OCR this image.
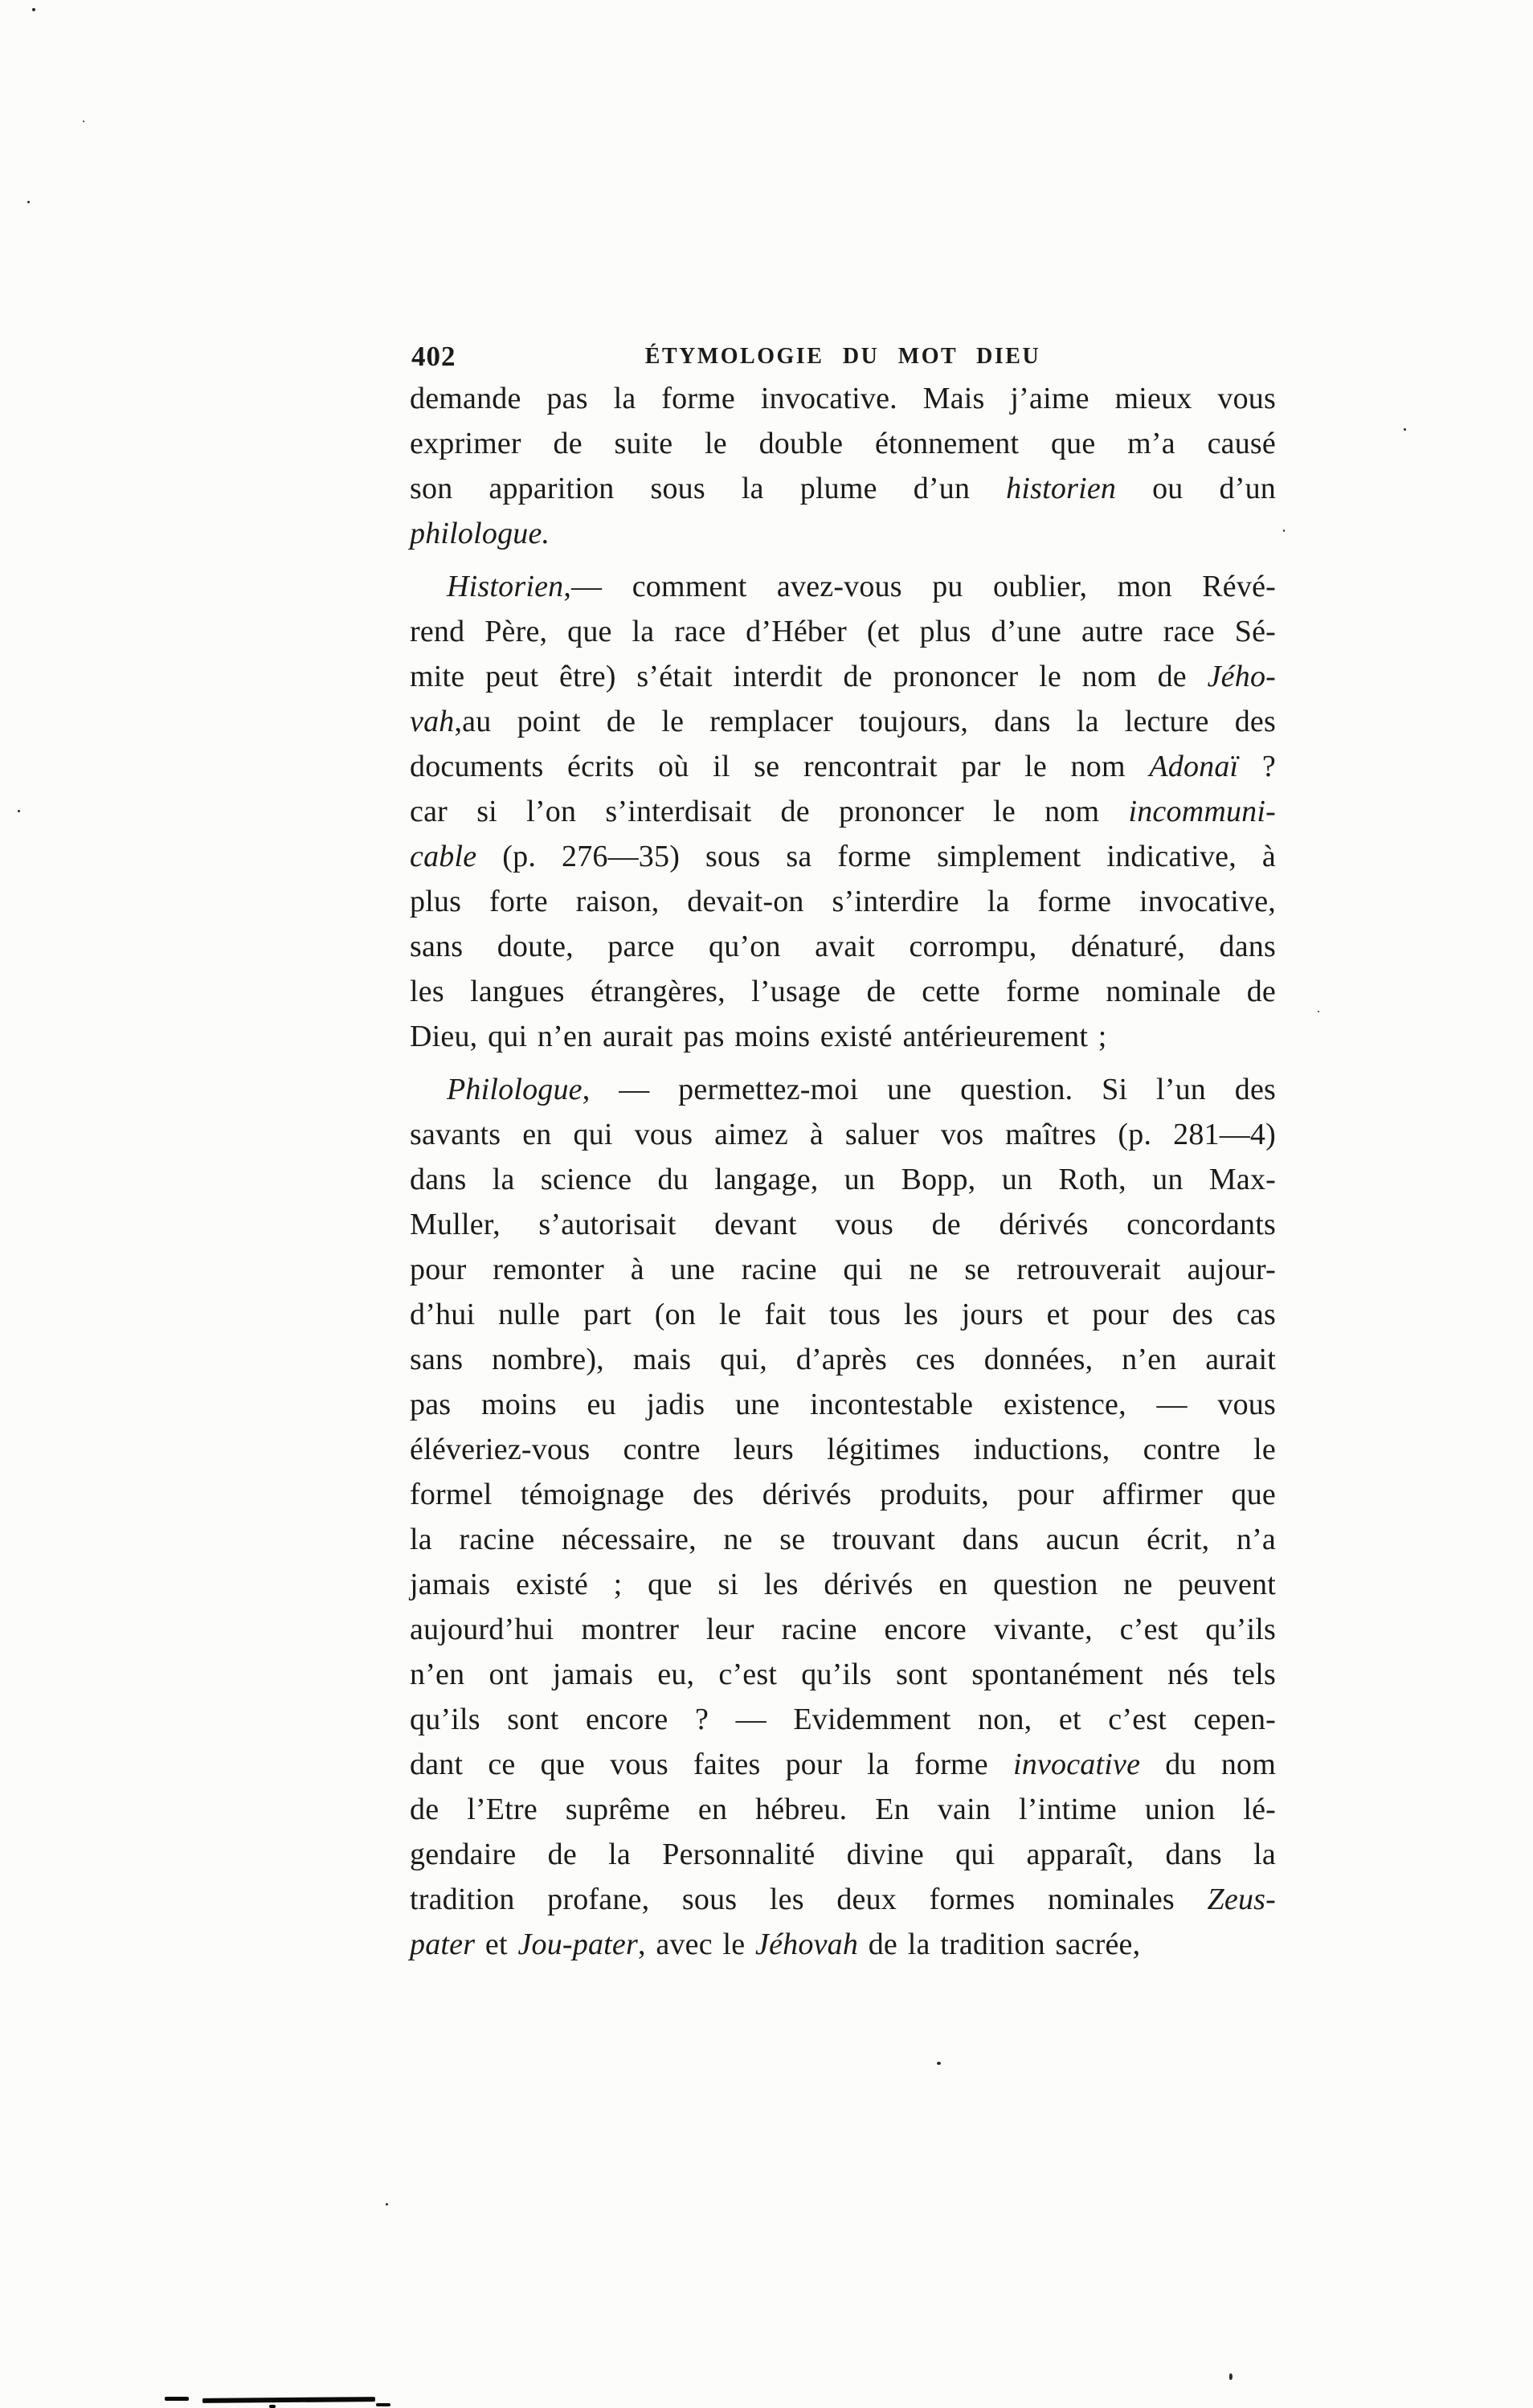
402	ÉTYMOLOGIE DU MOT DIEU
demande pas la forme invocative. Mais j’aime mieux vous
exprimer de suite le double étonnement que m’a causé
son apparition sous la plume d’un historien ou d’un
philologue.
Historien,— comment avez-vous pu oublier, mon Révé-
rend Père, que la race d’Héber (et plus d’une autre race Sé-
mite peut être) s’était interdit de prononcer le nom de Jého-
vah,au point de le remplacer toujours, dans la lecture des
documents écrits où il se rencontrait par le nom Adonaï ?
car si l’on s’interdisait de prononcer le nom incommuni-
cable (p. 276—35) sous sa forme simplement indicative, à
plus forte raison, devait-on s’interdire la forme invocative,
sans doute, parce qu’on avait corrompu, dénaturé, dans
les langues étrangères, l’usage de cette forme nominale de
Dieu, qui n’en aurait pas moins existé antérieurement ;
Philologue, — permettez-moi une question. Si l’un des
savants en qui vous aimez à saluer vos maîtres (p. 281—4)
dans la science du langage, un Bopp, un Roth, un Max-
Muller, s’autorisait devant vous de dérivés concordants
pour remonter à une racine qui ne se retrouverait aujour-
d’hui nulle part (on le fait tous les jours et pour des cas
sans nombre), mais qui, d’après ces données, n’en aurait
pas moins eu jadis une incontestable existence, — vous
éléveriez-vous contre leurs légitimes inductions, contre le
formel témoignage des dérivés produits, pour affirmer que
la racine nécessaire, ne se trouvant dans aucun écrit, n’a
jamais existé ; que si les dérivés en question ne peuvent
aujourd’hui montrer leur racine encore vivante, c’est qu’ils
n’en ont jamais eu, c’est qu’ils sont spontanément nés tels
qu’ils sont encore ? — Evidemment non, et c’est cepen-
dant ce que vous faites pour la forme invocative du nom
de l’Etre suprême en hébreu. En vain l’intime union lé-
gendaire de la Personnalité divine qui apparaît, dans la
tradition profane, sous les deux formes nominales Zeus-
pater et Jou-pater, avec le Jéhovah de la tradition sacrée,
